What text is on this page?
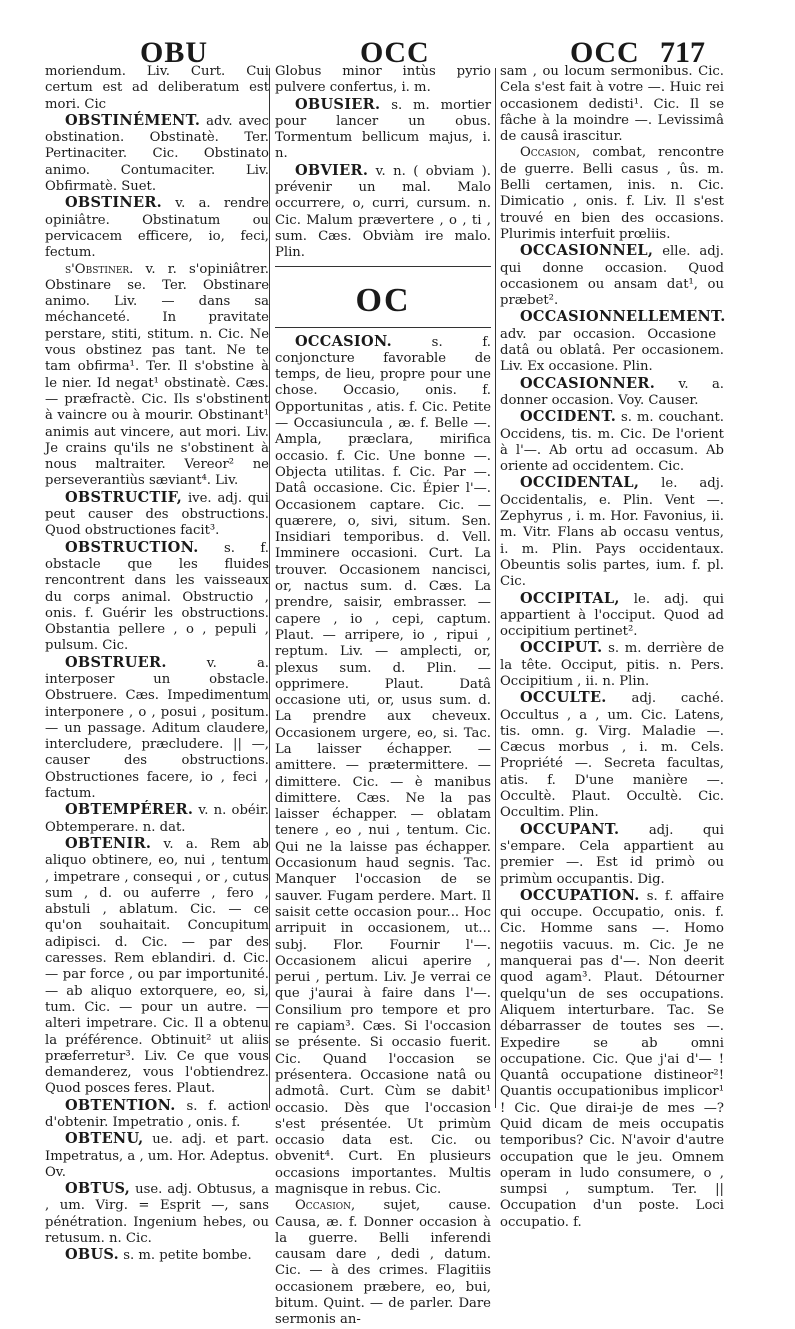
OBU	OCC	OCC 717

moriendum. Liv. Curt. Cui certum est ad deliberatum est mori. Cic

OBSTINÉMENT. adv. avec obstination. Obstinatè. Ter. Pertinaciter. Cic. Obstinato animo. Contumaciter. Liv. Obfirmatè. Suet.

OBSTINER. v. a. rendre opiniâtre. Obstinatum ou pervicacem efficere, io, feci, fectum.

s'Obstiner. v. r. s'opiniâtrer. Obstinare se. Ter. Obstinare animo. Liv. — dans sa méchanceté. In pravitate perstare, stiti, stitum. n. Cic. Ne vous obstinez pas tant. Ne te tam obfirma¹. Ter. Il s'obstine à le nier. Id negat¹ obstinatè. Cæs. — præfractè. Cic. Ils s'obstinent à vaincre ou à mourir. Obstinant¹ animis aut vincere, aut mori. Liv. Je crains qu'ils ne s'obstinent à nous maltraiter. Vereor² ne perseverantiùs sæviant⁴. Liv.

OBSTRUCTIF, ive. adj. qui peut causer des obstructions. Quod obstructiones facit³.

OBSTRUCTION. s. f. obstacle que les fluides rencontrent dans les vaisseaux du corps animal. Obstructio , onis. f. Guérir les obstructions. Obstantia pellere , o , pepuli , pulsum. Cic.

OBSTRUER. v. a. interposer un obstacle. Obstruere. Cæs. Impedimentum interponere , o , posui , positum. — un passage. Aditum claudere, intercludere, præcludere. || —, causer des obstructions. Obstructiones facere, io , feci , factum.

OBTEMPÉRER. v. n. obéir. Obtemperare. n. dat.

OBTENIR. v. a. Rem ab aliquo obtinere, eo, nui , tentum , impetrare , consequi , or , cutus sum , d. ou auferre , fero , abstuli , ablatum. Cic. — ce qu'on souhaitait. Concupitum adipisci. d. Cic. — par des caresses. Rem eblandiri. d. Cic. — par force , ou par importunité. — ab aliquo extorquere, eo, si, tum. Cic. — pour un autre. — alteri impetrare. Cic. Il a obtenu la préférence. Obtinuit² ut aliis præferretur³. Liv. Ce que vous demanderez, vous l'obtiendrez. Quod posces feres. Plaut.

OBTENTION. s. f. action d'obtenir. Impetratio , onis. f.

OBTENU, ue. adj. et part. Impetratus, a , um. Hor. Adeptus. Ov.

OBTUS, use. adj. Obtusus, a , um. Virg. = Esprit —, sans pénétration. Ingenium hebes, ou retusum. n. Cic.

OBUS. s. m. petite bombe.

Globus minor intùs pyrio pulvere confertus, i. m.

OBUSIER. s. m. mortier pour lancer un obus. Tormentum bellicum majus, i. n.

OBVIER. v. n. ( obviam ). prévenir un mal. Malo occurrere, o, curri, cursum. n. Cic. Malum prævertere , o , ti , sum. Cæs. Obviàm ire malo. Plin.

OC

OCCASION. s. f. conjoncture favorable de temps, de lieu, propre pour une chose. Occasio, onis. f. Opportunitas , atis. f. Cic. Petite — Occasiuncula , æ. f. Belle —. Ampla, præclara, mirifica occasio. f. Cic. Une bonne —. Objecta utilitas. f. Cic. Par —. Datâ occasione. Cic. Épier l'—. Occasionem captare. Cic. — quærere, o, sivi, situm. Sen. Insidiari temporibus. d. Vell. Imminere occasioni. Curt. La trouver. Occasionem nancisci, or, nactus sum. d. Cæs. La prendre, saisir, embrasser. — capere , io , cepi, captum. Plaut. — arripere, io , ripui , reptum. Liv. — amplecti, or, plexus sum. d. Plin. — opprimere. Plaut. Datâ occasione uti, or, usus sum. d. La prendre aux cheveux. Occasionem urgere, eo, si. Tac. La laisser échapper. — amittere. — prætermittere. — dimittere. Cic. — è manibus dimittere. Cæs. Ne la pas laisser échapper. — oblatam tenere , eo , nui , tentum. Cic. Qui ne la laisse pas échapper. Occasionum haud segnis. Tac. Manquer l'occasion de se sauver. Fugam perdere. Mart. Il saisit cette occasion pour... Hoc arripuit in occasionem, ut... subj. Flor. Fournir l'—. Occasionem alicui aperire , perui , pertum. Liv. Je verrai ce que j'aurai à faire dans l'—. Consilium pro tempore et pro re capiam³. Cæs. Si l'occasion se présente. Si occasio fuerit. Cic. Quand l'occasion se présentera. Occasione natâ ou admotâ. Curt. Cùm se dabit¹ occasio. Dès que l'occasion s'est présentée. Ut primùm occasio data est. Cic. ou obvenit⁴. Curt. En plusieurs occasions importantes. Multis magnisque in rebus. Cic.

Occasion, sujet, cause. Causa, æ. f. Donner occasion à la guerre. Belli inferendi causam dare , dedi , datum. Cic. — à des crimes. Flagitiis occasionem præbere, eo, bui, bitum. Quint. — de parler. Dare sermonis an-

sam , ou locum sermonibus. Cic. Cela s'est fait à votre —. Huic rei occasionem dedisti¹. Cic. Il se fâche à la moindre —. Levissimâ de causâ irascitur.

Occasion, combat, rencontre de guerre. Belli casus , ûs. m. Belli certamen, inis. n. Cic. Dimicatio , onis. f. Liv. Il s'est trouvé en bien des occasions. Plurimis interfuit prœliis.

OCCASIONNEL, elle. adj. qui donne occasion. Quod occasionem ou ansam dat¹, ou præbet².

OCCASIONNELLEMENT. adv. par occasion. Occasione datâ ou oblatâ. Per occasionem. Liv. Ex occasione. Plin.

OCCASIONNER. v. a. donner occasion. Voy. Causer.

OCCIDENT. s. m. couchant. Occidens, tis. m. Cic. De l'orient à l'—. Ab ortu ad occasum. Ab oriente ad occidentem. Cic.

OCCIDENTAL, le. adj. Occidentalis, e. Plin. Vent —. Zephyrus , i. m. Hor. Favonius, ii. m. Vitr. Flans ab occasu ventus, i. m. Plin. Pays occidentaux. Obeuntis solis partes, ium. f. pl. Cic.

OCCIPITAL, le. adj. qui appartient à l'occiput. Quod ad occipitium pertinet².

OCCIPUT. s. m. derrière de la tête. Occiput, pitis. n. Pers. Occipitium , ii. n. Plin.

OCCULTE. adj. caché. Occultus , a , um. Cic. Latens, tis. omn. g. Virg. Maladie —. Cæcus morbus , i. m. Cels. Propriété —. Secreta facultas, atis. f. D'une manière —. Occultè. Plaut. Occultè. Cic. Occultim. Plin.

OCCUPANT. adj. qui s'empare. Cela appartient au premier —. Est id primò ou primùm occupantis. Dig.

OCCUPATION. s. f. affaire qui occupe. Occupatio, onis. f. Cic. Homme sans —. Homo negotiis vacuus. m. Cic. Je ne manquerai pas d'—. Non deerit quod agam³. Plaut. Détourner quelqu'un de ses occupations. Aliquem interturbare. Tac. Se débarrasser de toutes ses —. Expedire se ab omni occupatione. Cic. Que j'ai d'— ! Quantâ occupatione distineor²! Quantis occupationibus implicor¹ ! Cic. Que dirai-je de mes —? Quid dicam de meis occupatis temporibus? Cic. N'avoir d'autre occupation que le jeu. Omnem operam in ludo consumere, o , sumpsi , sumptum. Ter. || Occupation d'un poste. Loci occupatio. f.
